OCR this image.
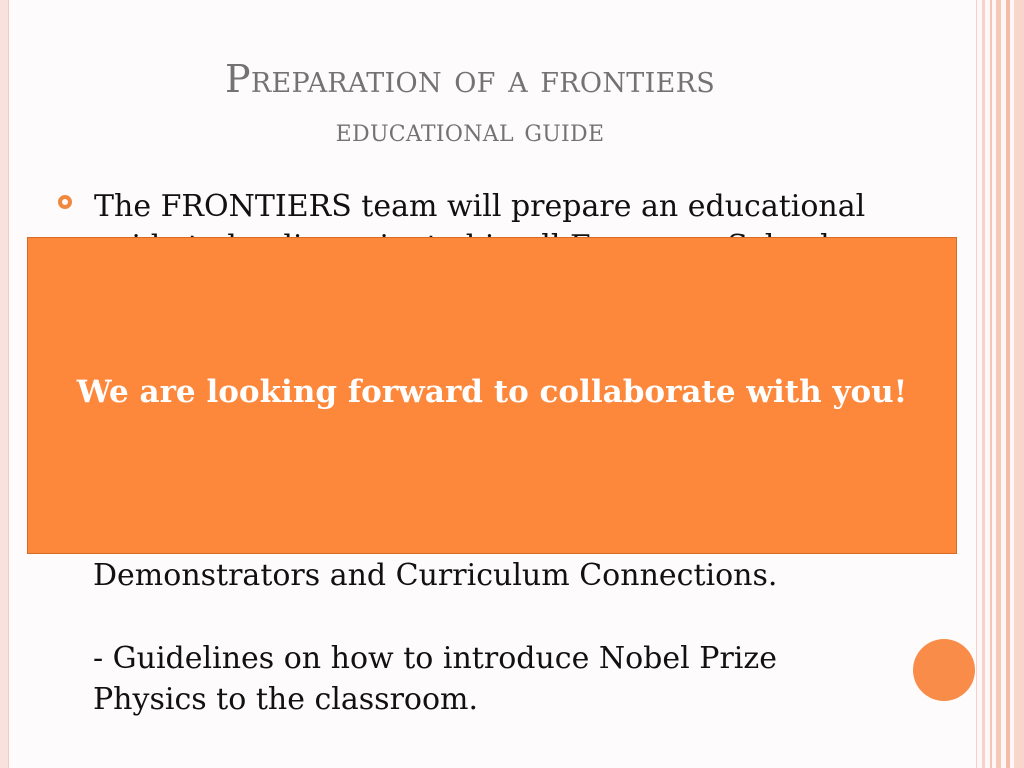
Preparation of a frontiers
educational guide
The FRONTIERS team will prepare an educational
Demonstrators and Curriculum Connections.
- Guidelines on how to introduce Nobel Prize
Physics to the classroom.
We are looking forward to collaborate with you!
